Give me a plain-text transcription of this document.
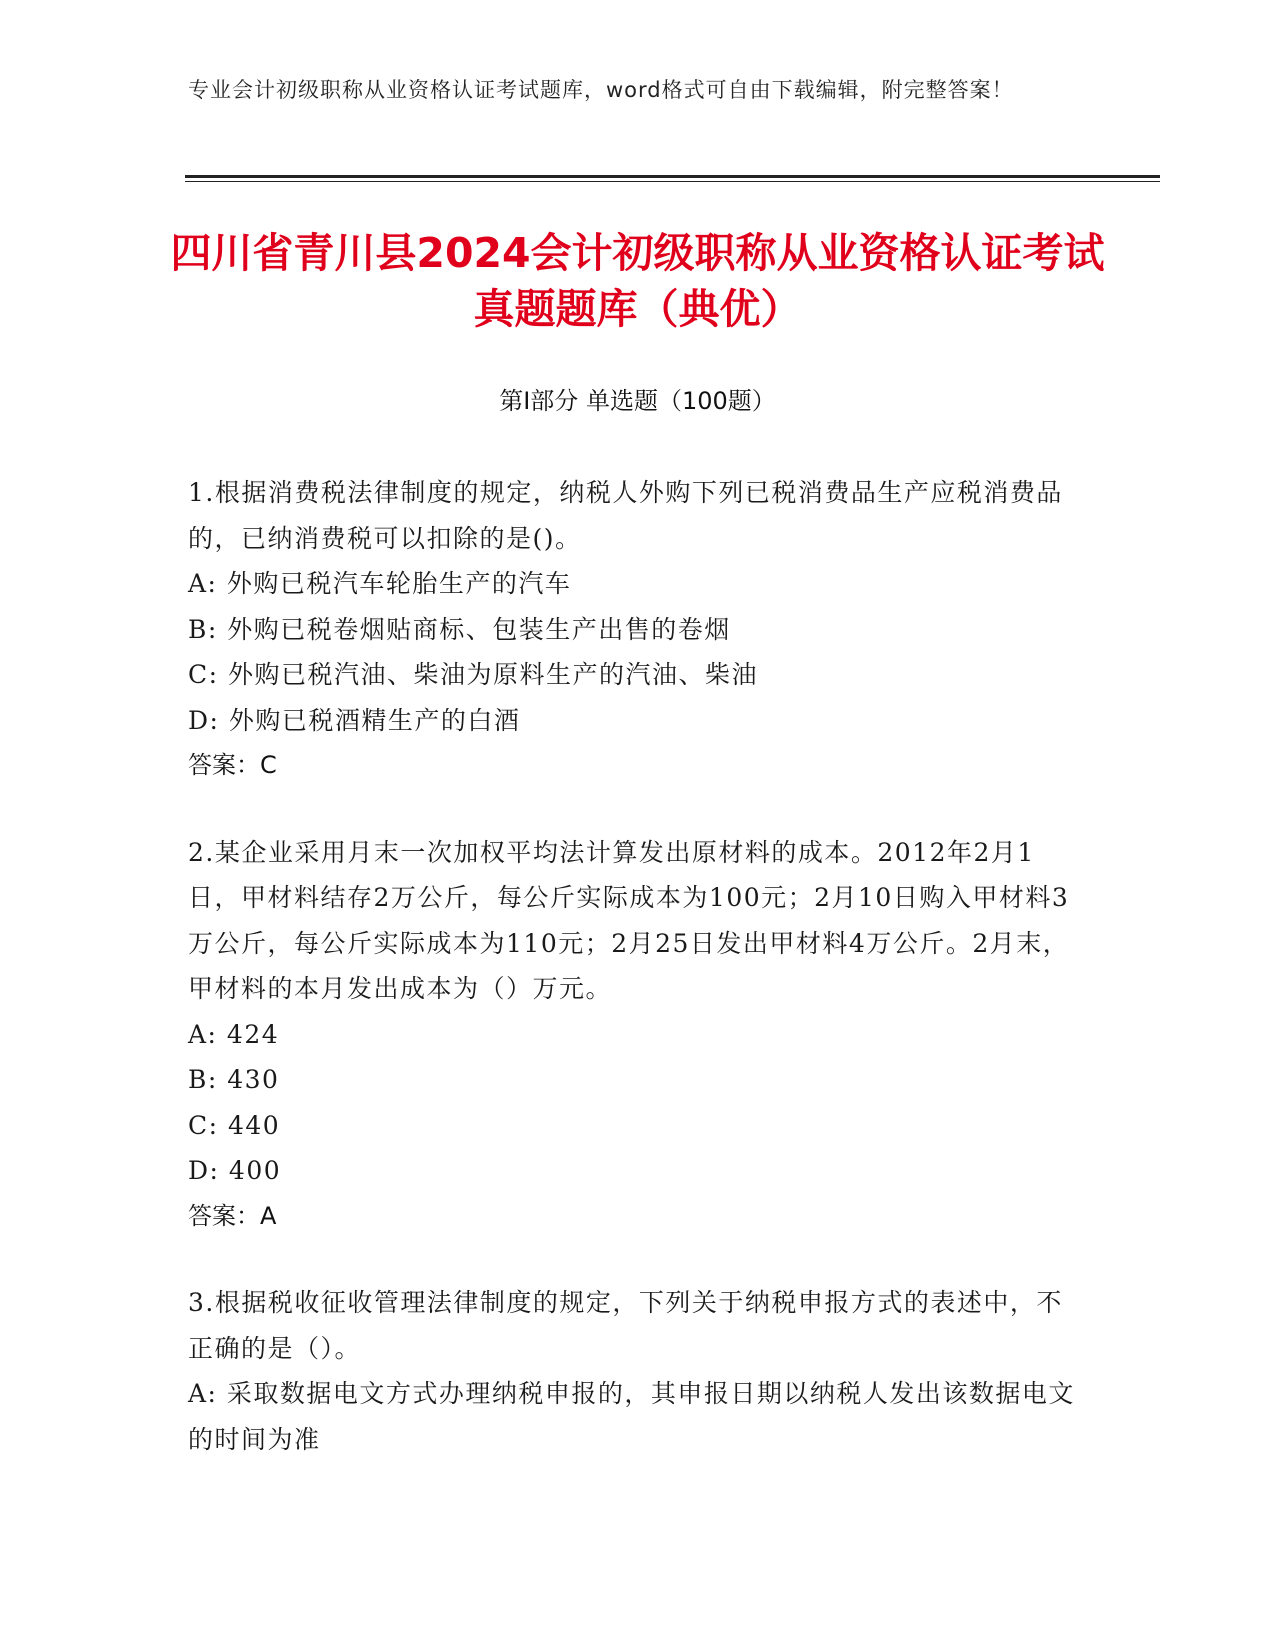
专业会计初级职称从业资格认证考试题库，word格式可自由下载编辑，附完整答案！
四川省青川县2024会计初级职称从业资格认证考试真题题库（典优）
第I部分 单选题（100题）

1.根据消费税法律制度的规定，纳税人外购下列已税消费品生产应税消费品的，已纳消费税可以扣除的是()。

A: 外购已税汽车轮胎生产的汽车

B: 外购已税卷烟贴商标、包装生产出售的卷烟

C: 外购已税汽油、柴油为原料生产的汽油、柴油

D: 外购已税酒精生产的白酒

答案：C

2.某企业采用月末一次加权平均法计算发出原材料的成本。2012年2月1日，甲材料结存2万公斤，每公斤实际成本为100元；2月10日购入甲材料3万公斤，每公斤实际成本为110元；2月25日发出甲材料4万公斤。2月末，甲材料的本月发出成本为（）万元。

A: 424

B: 430

C: 440

D: 400

答案：A

3.根据税收征收管理法律制度的规定，下列关于纳税申报方式的表述中，不正确的是（）。

A: 采取数据电文方式办理纳税申报的，其申报日期以纳税人发出该数据电文的时间为准
